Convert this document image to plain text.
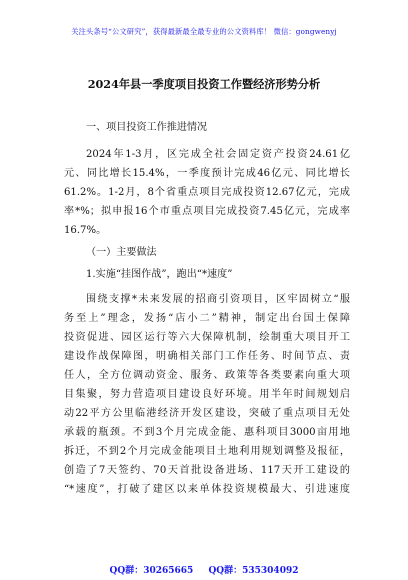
关注头条号“公文研究”，获得最新最全最专业的公文资料库！ 微信：gongwenyj
2024年县一季度项目投资工作暨经济形势分析
一、项目投资工作推进情况
2024年1-3月，区完成全社会固定资产投资24.61亿
元、同比增长15.4%，一季度预计完成46亿元、同比增长
61.2%。1-2月，8个省重点项目完成投资12.67亿元，完成
率*%；拟申报16个市重点项目完成投资7.45亿元，完成率
16.7%。
（一）主要做法
1.实施“挂图作战”，跑出“*速度”
围绕支撑*未来发展的招商引资项目，区牢固树立“服
务至上”理念，发扬“店小二”精神，制定出台国土保障
投资促进、园区运行等六大保障机制，绘制重大项目开工
建设作战保障图，明确相关部门工作任务、时间节点、责
任人，全方位调动资金、服务、政策等各类要素向重大项
目集聚，努力营造项目建设良好环境。用半年时间规划启
动22平方公里临港经济开发区建设，突破了重点项目无处
承载的瓶颈。不到3个月完成金能、惠科项目3000亩用地
拆迁，不到2个月完成金能项目土地利用规划调整及报征，
创造了7天签约、70天首批设备进场、117天开工建设的
“*速度”，打破了建区以来单体投资规模最大、引进速度
QQ群：30265665 QQ群：535304092
